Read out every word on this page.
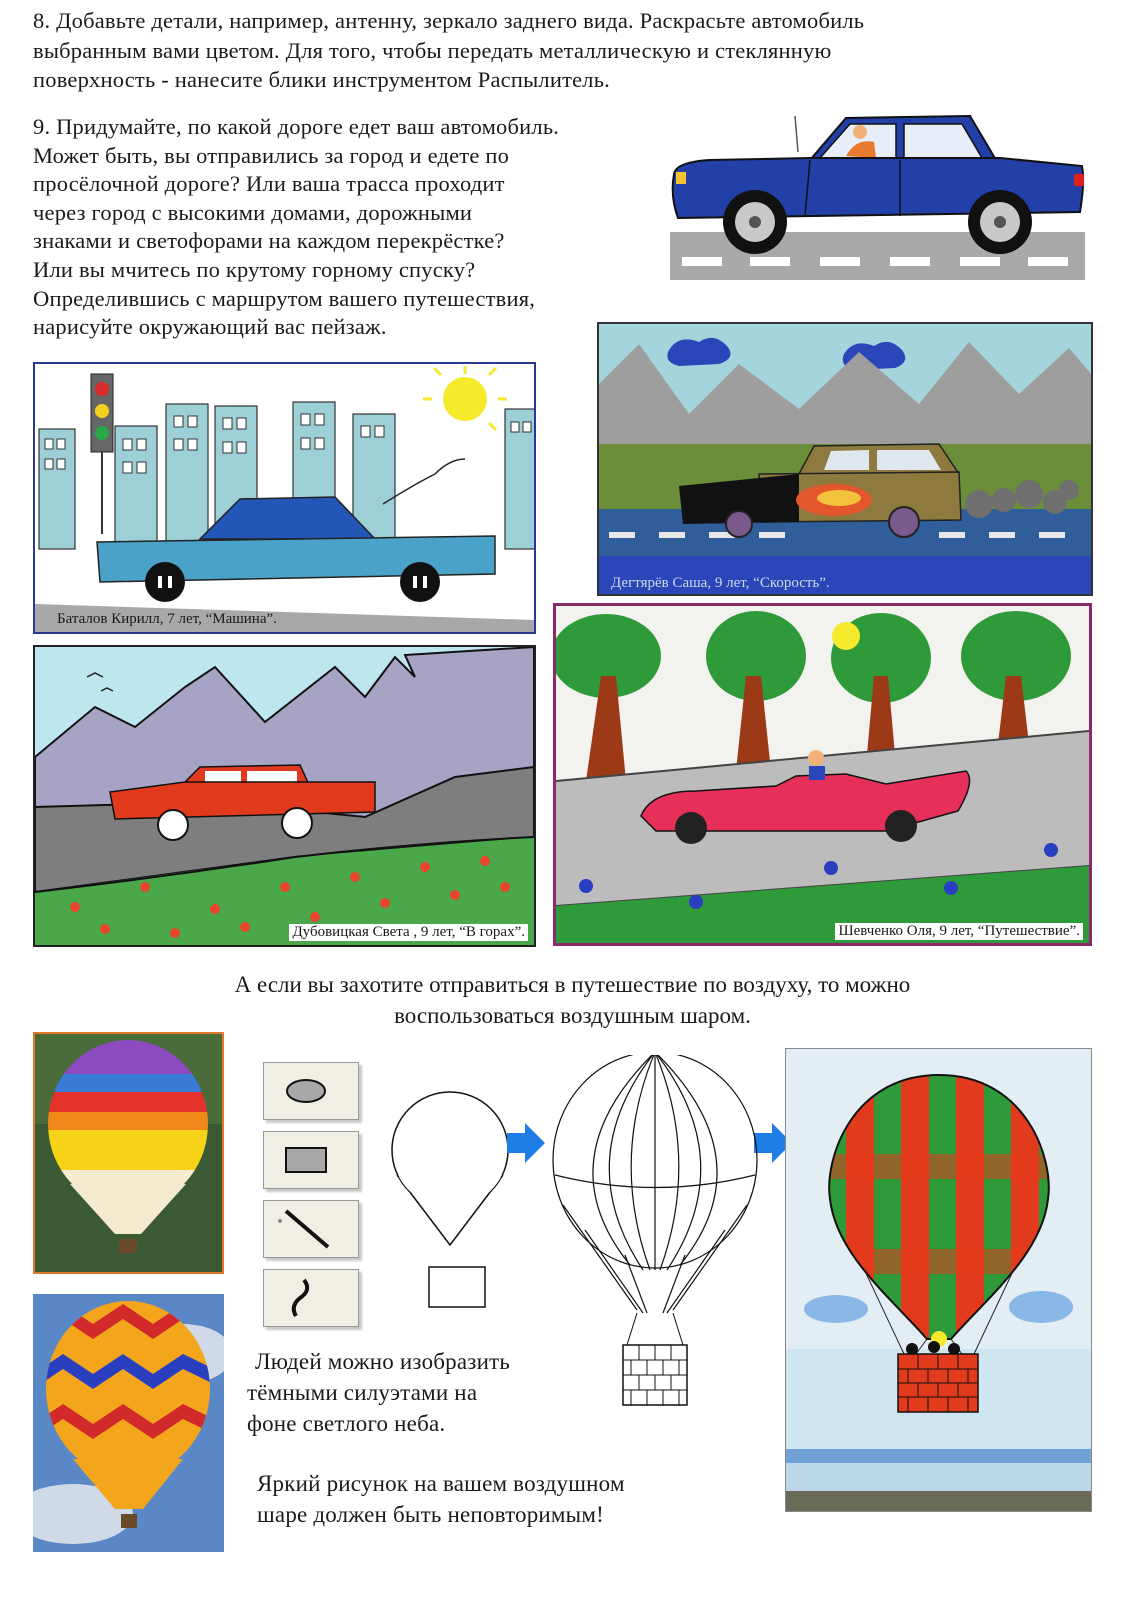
8. Добавьте детали, например, антенну, зеркало заднего вида. Раскрасьте автомобиль
выбранным вами цветом. Для того, чтобы передать металлическую и стеклянную
поверхность - нанесите блики инструментом Распылитель.
9. Придумайте, по какой дороге едет ваш автомобиль.
Может быть, вы отправились за город и едете по
просёлочной дороге? Или ваша трасса проходит
через город с высокими домами, дорожными
знаками и светофорами на каждом перекрёстке?
Или вы мчитесь по крутому горному спуску?
Определившись с маршрутом вашего путешествия,
нарисуйте окружающий вас пейзаж.
Баталов Кирилл, 7 лет, “Машина”.
Дегтярёв Саша, 9 лет, “Скорость”.
Дубовицкая Света , 9 лет, “В горах”.	Шевченко Оля, 9 лет, “Путешествие”.
А если вы захотите отправиться в путешествие по воздуху, то можно
воспользоваться воздушным шаром.
Людей можно изобразить
тёмными силуэтами на
фоне светлого неба.
Яркий рисунок на вашем воздушном
шаре должен быть неповторимым!
